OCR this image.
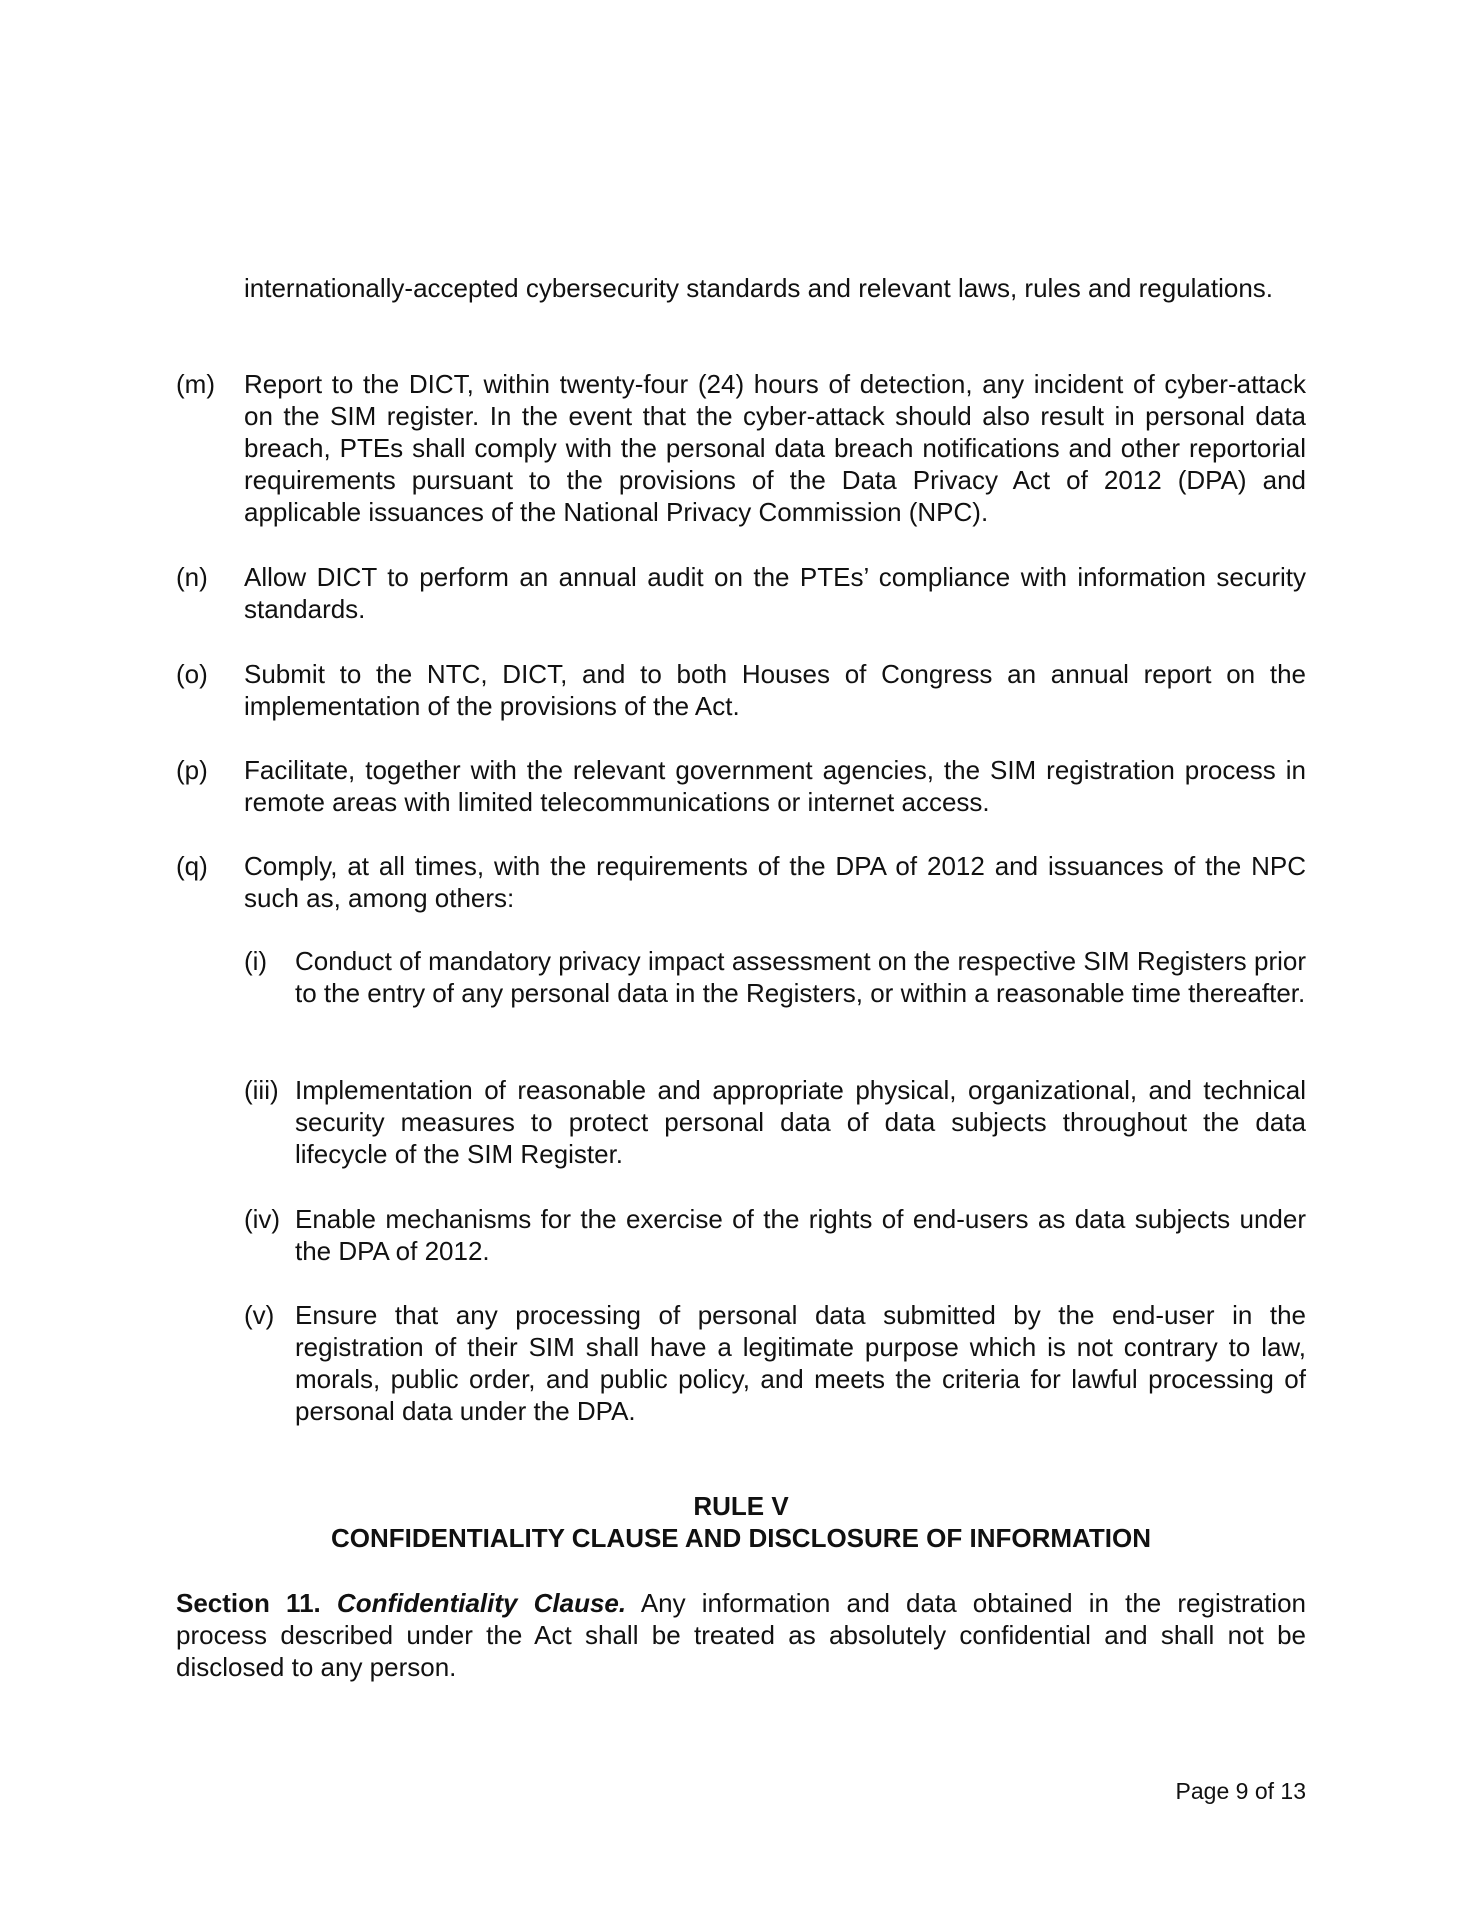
internationally-accepted cybersecurity standards and relevant laws, rules and regulations.
(m) Report to the DICT, within twenty-four (24) hours of detection, any incident of cyber-attack on the SIM register. In the event that the cyber-attack should also result in personal data breach, PTEs shall comply with the personal data breach notifications and other reportorial requirements pursuant to the provisions of the Data Privacy Act of 2012 (DPA) and applicable issuances of the National Privacy Commission (NPC).
(n) Allow DICT to perform an annual audit on the PTEs’ compliance with information security standards.
(o) Submit to the NTC, DICT, and to both Houses of Congress an annual report on the implementation of the provisions of the Act.
(p) Facilitate, together with the relevant government agencies, the SIM registration process in remote areas with limited telecommunications or internet access.
(q) Comply, at all times, with the requirements of the DPA of 2012 and issuances of the NPC such as, among others:
(i) Conduct of mandatory privacy impact assessment on the respective SIM Registers prior to the entry of any personal data in the Registers, or within a reasonable time thereafter.
(iii) Implementation of reasonable and appropriate physical, organizational, and technical security measures to protect personal data of data subjects throughout the data lifecycle of the SIM Register.
(iv) Enable mechanisms for the exercise of the rights of end-users as data subjects under the DPA of 2012.
(v) Ensure that any processing of personal data submitted by the end-user in the registration of their SIM shall have a legitimate purpose which is not contrary to law, morals, public order, and public policy, and meets the criteria for lawful processing of personal data under the DPA.
RULE V
CONFIDENTIALITY CLAUSE AND DISCLOSURE OF INFORMATION
Section 11. Confidentiality Clause. Any information and data obtained in the registration process described under the Act shall be treated as absolutely confidential and shall not be disclosed to any person.
Page 9 of 13
